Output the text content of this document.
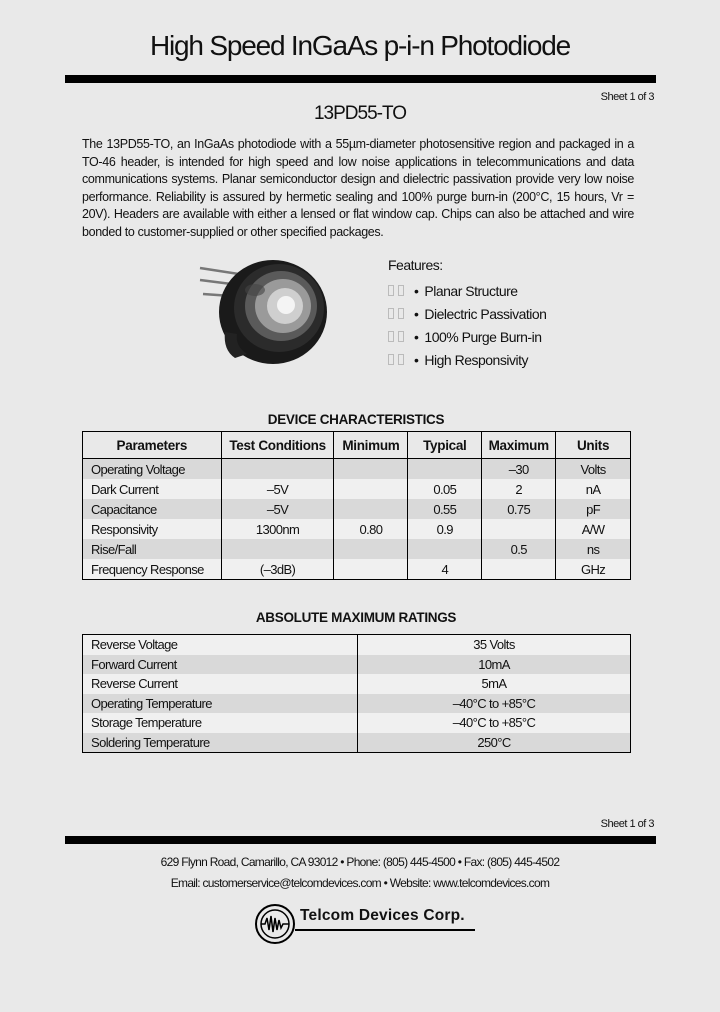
High Speed InGaAs p-i-n Photodiode
Sheet 1 of 3
13PD55-TO
The 13PD55-TO, an InGaAs photodiode with a 55µm-diameter photosensitive region and packaged in a TO-46 header, is intended for high speed and low noise applications in telecommunications and data communications systems. Planar semiconductor design and dielectric passivation provide very low noise performance. Reliability is assured by hermetic sealing and 100% purge burn-in (200°C, 15 hours, Vr = 20V). Headers are available with either a lensed or flat window cap. Chips can also be attached and wire bonded to customer-supplied or other specified packages.
Features:
• Planar Structure
• Dielectric Passivation
• 100% Purge Burn-in
• High Responsivity
DEVICE CHARACTERISTICS
Parameters	Test Conditions	Minimum	Typical	Maximum	Units
Operating Voltage				–30	Volts
Dark Current	–5V		0.05	2	nA
Capacitance	–5V		0.55	0.75	pF
Responsivity	1300nm	0.80	0.9		A/W
Rise/Fall				0.5	ns
Frequency Response	(–3dB)		4		GHz
ABSOLUTE MAXIMUM RATINGS
Reverse Voltage	35 Volts
Forward Current	10mA
Reverse Current	5mA
Operating Temperature	–40°C to +85°C
Storage Temperature	–40°C to +85°C
Soldering Temperature	250°C
Sheet 1 of 3
629 Flynn Road, Camarillo, CA 93012 • Phone: (805) 445-4500 • Fax: (805) 445-4502
Email: customerservice@telcomdevices.com • Website: www.telcomdevices.com
Telcom Devices Corp.
